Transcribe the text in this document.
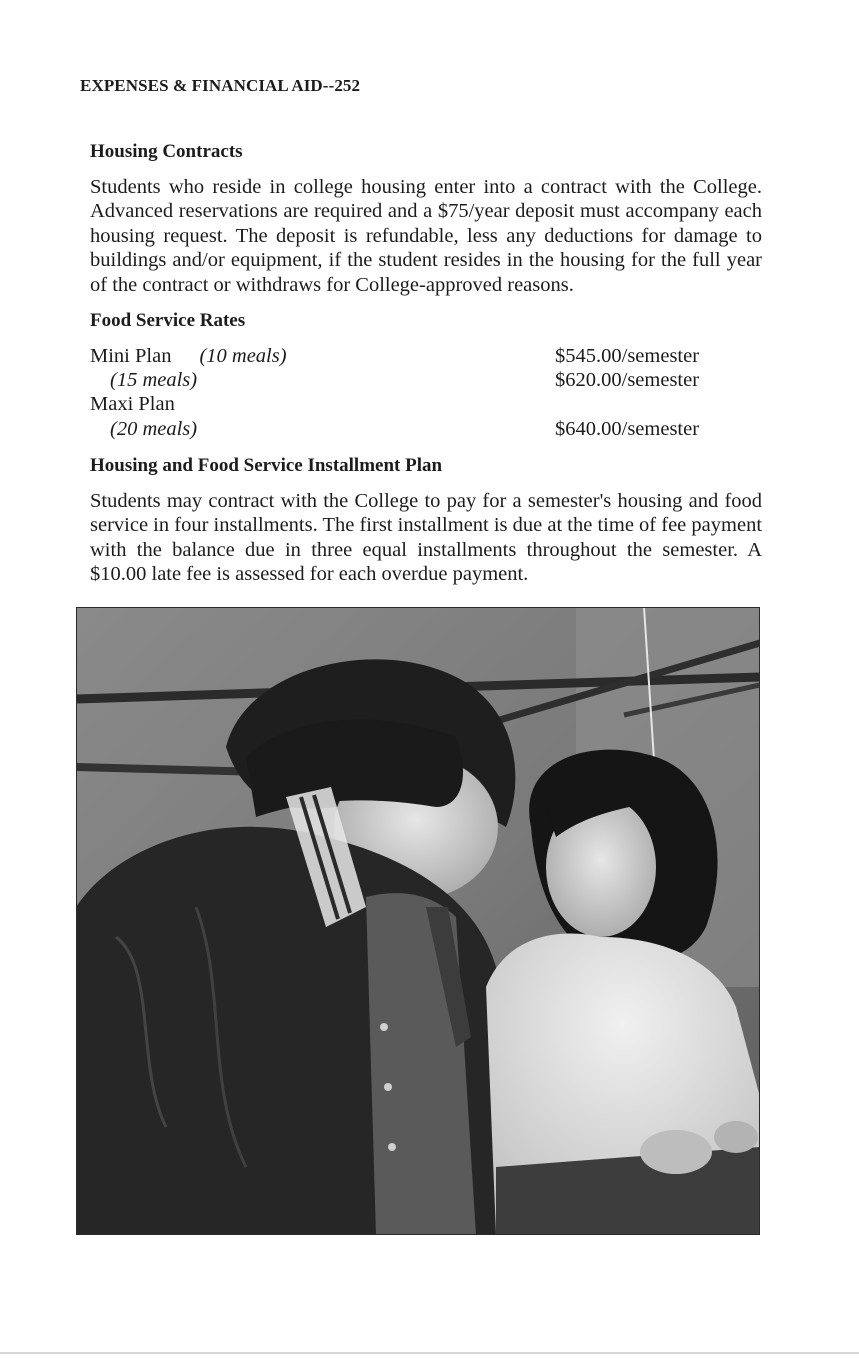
EXPENSES & FINANCIAL AID--252
Housing Contracts

Students who reside in college housing enter into a contract with the College. Advanced reservations are required and a $75/year deposit must accompany each housing request. The deposit is refundable, less any deductions for damage to buildings and/or equipment, if the student resides in the housing for the full year of the contract or withdraws for College-approved reasons.

Food Service Rates
Mini Plan (10 meals)	$545.00/semester
(15 meals)	$620.00/semester
Maxi Plan
(20 meals)	$640.00/semester
Housing and Food Service Installment Plan

Students may contract with the College to pay for a semester's housing and food service in four installments. The first installment is due at the time of fee payment with the balance due in three equal installments throughout the semester. A $10.00 late fee is assessed for each overdue payment.
